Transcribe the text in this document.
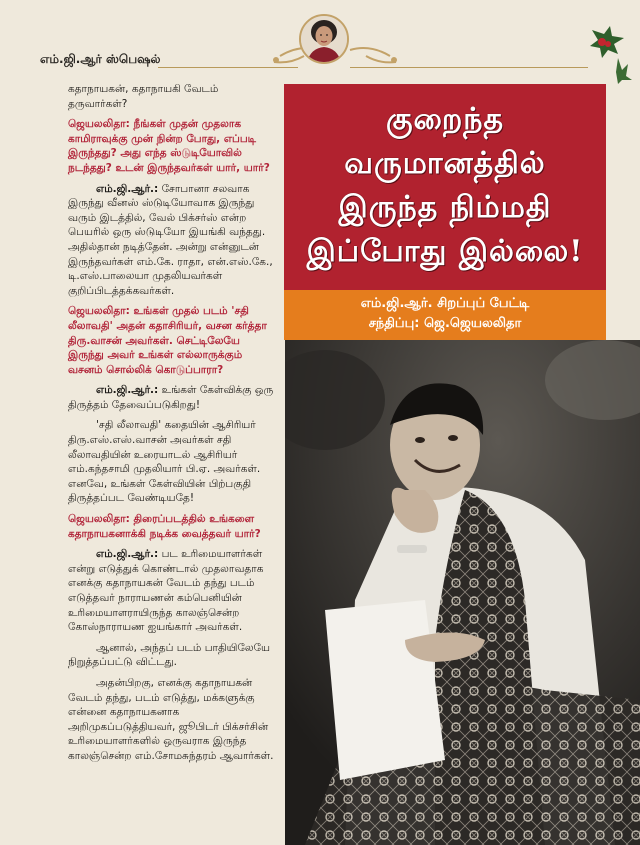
எம்.ஜி.ஆர் ஸ்பெஷல்

கதாநாயகன், கதாநாயகி வேடம் தருவார்கள்?

ஜெயலலிதா: நீங்கள் முதன் முதலாக காமிராவுக்கு முன் நின்ற போது, எப்படி இருந்தது? அது எந்த ஸ்டுடியோவில் நடந்தது? உடன் இருந்தவர்கள் யார், யார்?

எம்.ஜி.ஆர்.: சோபானா சலவாக இருந்து வீனஸ் ஸ்டுடியோவாக இருந்து வரும் இடத்தில், வேல் பிக்சர்ஸ் என்ற பெயரில் ஒரு ஸ்டுடியோ இயங்கி வந்தது. அதில்தான் நடித்தேன். அன்று என்னுடன் இருந்தவர்கள் எம்.கே. ராதா, என்.எஸ்.கே., டி.எஸ்.பாலையா முதலியவர்கள் குறிப்பிடத்தக்கவர்கள்.

ஜெயலலிதா: உங்கள் முதல் படம் 'சதி லீலாவதி' அதன் கதாசிரியர், வசன கர்த்தா திரு.வாசன் அவர்கள். செட்டிலேயே இருந்து அவர் உங்கள் எல்லாருக்கும் வசனம் சொல்லிக் கொடுப்பாரா?

எம்.ஜி.ஆர்.: உங்கள் கேள்விக்கு ஒரு திருத்தம் தேவைப்படுகிறது!

'சதி லீலாவதி' கதையின் ஆசிரியர் திரு.எஸ்.எஸ்.வாசன் அவர்கள் சதி லீலாவதியின் உரையாடல் ஆசிரியர் எம்.கந்தசாமி முதலியார் பி.ஏ. அவர்கள். எனவே, உங்கள் கேள்வியின் பிற்பகுதி திருத்தப்பட வேண்டியதே!

ஜெயலலிதா: திரைப்படத்தில் உங்களை கதாநாயகனாக்கி நடிக்க வைத்தவர் யார்?

எம்.ஜி.ஆர்.: பட உரிமையாளர்கள் என்று எடுத்துக் கொண்டால் முதலாவதாக எனக்கு கதாநாயகன் வேடம் தந்து படம் எடுத்தவர் நாராயணன் கம்பெனியின் உரிமையாளராயிருந்த காலஞ்சென்ற கோஸ்நாராயண ஐயங்கார் அவர்கள்.

ஆனால், அந்தப் படம் பாதியிலேயே நிறுத்தப்பட்டு விட்டது.

அதன்பிறகு, எனக்கு கதாநாயகன் வேடம் தந்து, படம் எடுத்து, மக்களுக்கு என்னை கதாநாயகனாக அறிமுகப்படுத்தியவர், ஜூபிடர் பிக்சர்சின் உரிமையாளர்களில் ஒருவராக இருந்த காலஞ்சென்ற எம்.சோமசுந்தரம் ஆவார்கள்.

குறைந்த
வருமானத்தில்
இருந்த நிம்மதி
இப்போது இல்லை!
எம்.ஜி.ஆர். சிறப்புப் பேட்டி
சந்திப்பு: ஜெ.ஜெயலலிதா
